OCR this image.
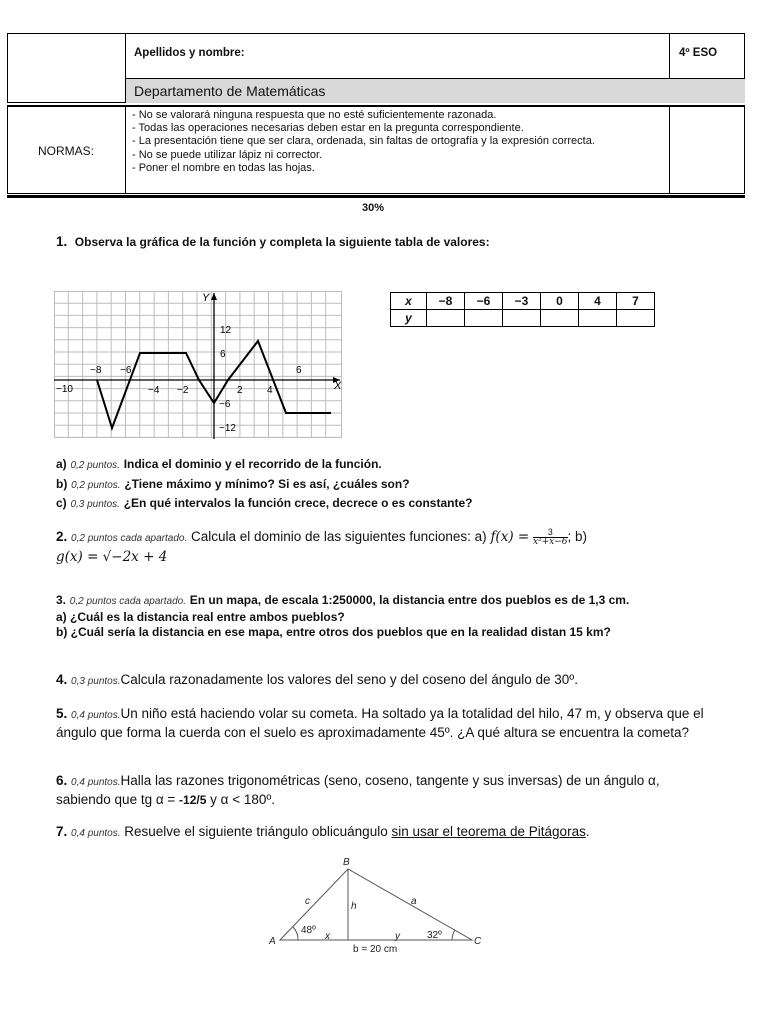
Apellidos y nombre:	4º ESO
Departamento de Matemáticas
NORMAS:
- No se valorará ninguna respuesta que no esté suficientemente razonada.
- Todas las operaciones necesarias deben estar en la pregunta correspondiente.
- La presentación tiene que ser clara, ordenada, sin faltas de ortografía y la expresión correcta.
- No se puede utilizar lápiz ni corrector.
- Poner el nombre en todas las hojas.
30%
1. Observa la gráfica de la función y completa la siguiente tabla de valores:
X
Y
−10
−8 −6
−4 −2	2 4
6
12
6
−6
−12
x	−8	−6	−3	0	4	7
y						
a) 0,2 puntos. Indica el dominio y el recorrido de la función.
b) 0,2 puntos. ¿Tiene máximo y mínimo? Si es así, ¿cuáles son?
c) 0,3 puntos. ¿En qué intervalos la función crece, decrece o es constante?
2. 0,2 puntos cada apartado. Calcula el dominio de las siguientes funciones: a) $f(x) = \frac{3}{\text{x²+x−6}}$ ; b)
g(x) = √−2x + 4
3. 0,2 puntos cada apartado. En un mapa, de escala 1:250000, la distancia entre dos pueblos es de 1,3 cm.
a) ¿Cuál es la distancia real entre ambos pueblos?
b) ¿Cuál sería la distancia en ese mapa, entre otros dos pueblos que en la realidad distan 15 km?
4. 0,3 puntos.Calcula razonadamente los valores del seno y del coseno del ángulo de 30º.
5. 0,4 puntos.Un niño está haciendo volar su cometa. Ha soltado ya la totalidad del hilo, 47 m, y observa que el ángulo que forma la cuerda con el suelo es aproximadamente 45º. ¿A qué altura se encuentra la cometa?
6. 0,4 puntos.Halla las razones trigonométricas (seno, coseno, tangente y sus inversas) de un ángulo α, sabiendo que tg α = -12/5 y α < 180º.
7. 0,4 puntos. Resuelve el siguiente triángulo oblicuángulo sin usar el teorema de Pitágoras.
A
B
C
c	a
h
x	y
48º	32º
b = 20 cm
